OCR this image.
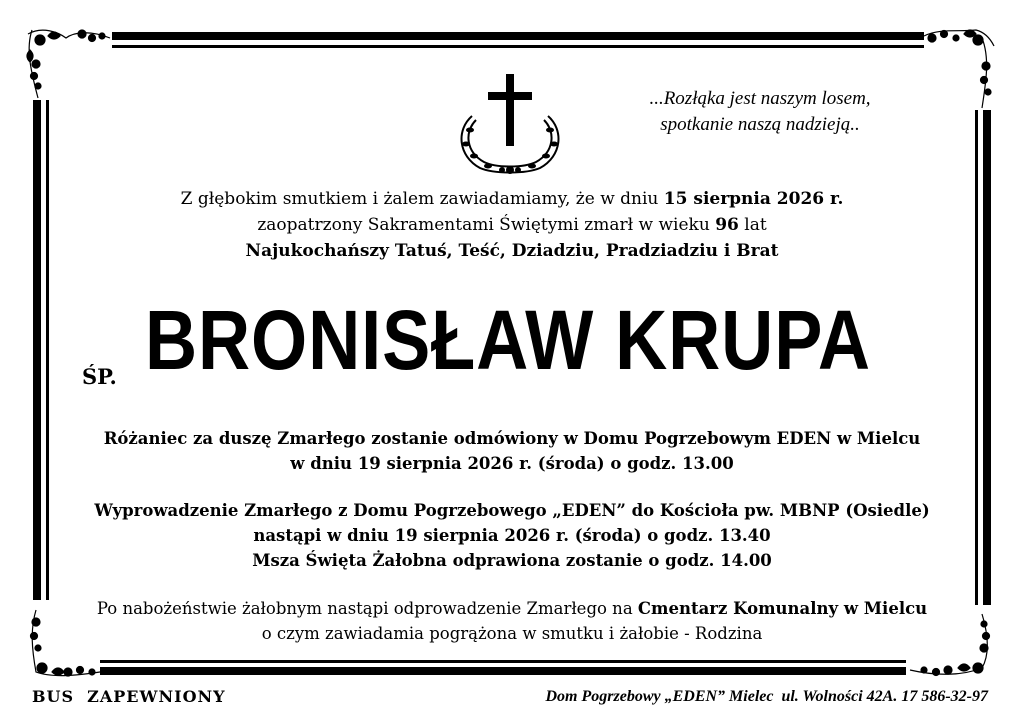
...Rozłąka jest naszym losem,
spotkanie naszą nadzieją..
Z głębokim smutkiem i żalem zawiadamiamy, że w dniu 15 sierpnia 2026 r.
zaopatrzony Sakramentami Świętymi zmarł w wieku 96 lat
Najukochańszy Tatuś, Teść, Dziadziu, Pradziadziu i Brat
ŚP. BRONISŁAW KRUPA
Różaniec za duszę Zmarłego zostanie odmówiony w Domu Pogrzebowym EDEN w Mielcu
w dniu 19 sierpnia 2026 r. (środa) o godz. 13.00
Wyprowadzenie Zmarłego z Domu Pogrzebowego „EDEN” do Kościoła pw. MBNP (Osiedle)
nastąpi w dniu 19 sierpnia 2026 r. (środa) o godz. 13.40
Msza Święta Żałobna odprawiona zostanie o godz. 14.00
Po nabożeństwie żałobnym nastąpi odprowadzenie Zmarłego na Cmentarz Komunalny w Mielcu
o czym zawiadamia pogrążona w smutku i żałobie - Rodzina
BUS  ZAPEWNIONY	Dom Pogrzebowy „EDEN” Mielec  ul. Wolności 42A. 17 586-32-97
